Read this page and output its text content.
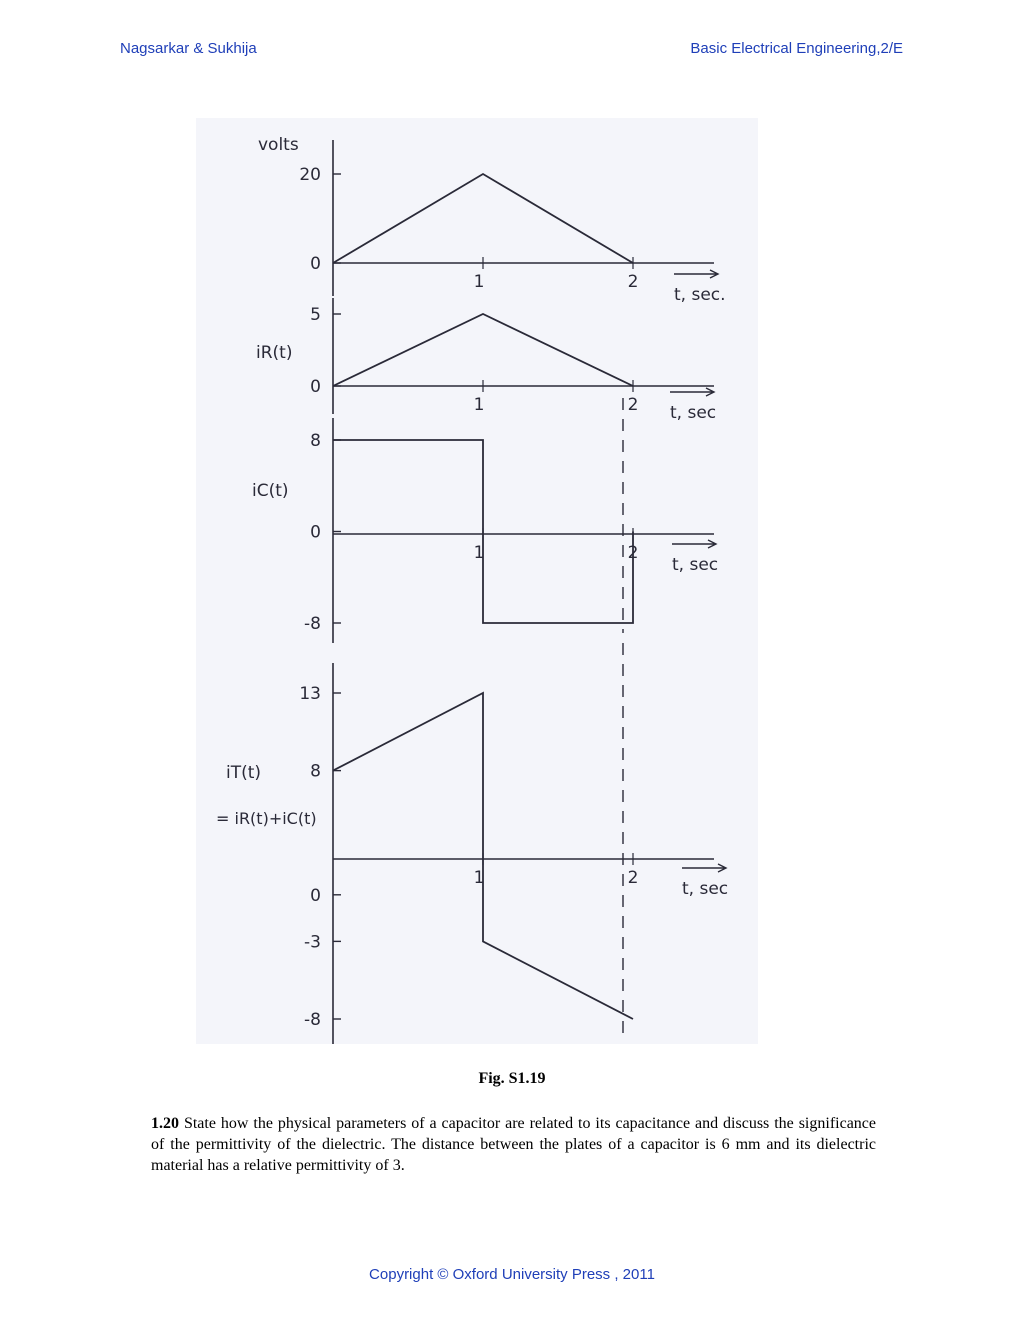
Nagsarkar & Sukhija	Basic Electrical Engineering,2/E
20
0
1	2
volts
t, sec.
5
0
1	2
iR(t)
t, sec
8
0
-8
1	2
iC(t)
t, sec
13
8
0
-3
-8
1	2
iT(t)
= iR(t)+iC(t)
t, sec
Fig. S1.19
1.20 State how the physical parameters of a capacitor are related to its capacitance and discuss the significance of the permittivity of the dielectric. The distance between the plates of a capacitor is 6 mm and its dielectric material has a relative permittivity of 3.
Copyright © Oxford University Press , 2011
